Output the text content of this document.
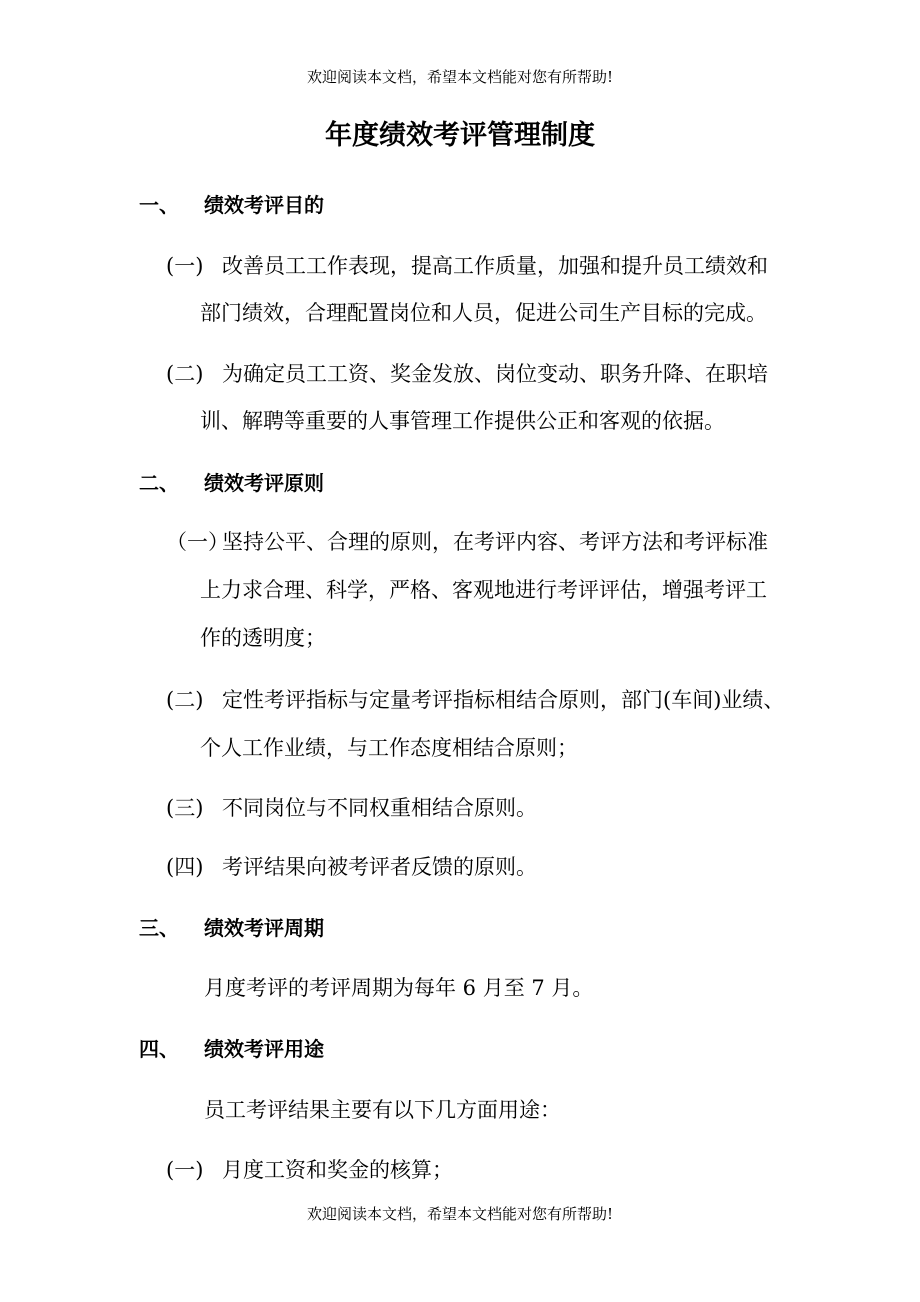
欢迎阅读本文档，希望本文档能对您有所帮助!
年度绩效考评管理制度
一、 绩效考评目的
(一) 改善员工工作表现，提高工作质量，加强和提升员工绩效和
部门绩效，合理配置岗位和人员，促进公司生产目标的完成。
(二) 为确定员工工资、奖金发放、岗位变动、职务升降、在职培
训、解聘等重要的人事管理工作提供公正和客观的依据。
二、 绩效考评原则
（一）
坚持公平、合理的原则，在考评内容、考评方法和考评标准
上力求合理、科学，严格、客观地进行考评评估，增强考评工
作的透明度；
(二) 定性考评指标与定量考评指标相结合原则，部门(车间)业绩、
个人工作业绩，与工作态度相结合原则；
(三) 不同岗位与不同权重相结合原则。
(四) 考评结果向被考评者反馈的原则。
三、 绩效考评周期
月度考评的考评周期为每年 6 月至 7 月。
四、 绩效考评用途
员工考评结果主要有以下几方面用途：
(一) 月度工资和奖金的核算；
欢迎阅读本文档，希望本文档能对您有所帮助!
